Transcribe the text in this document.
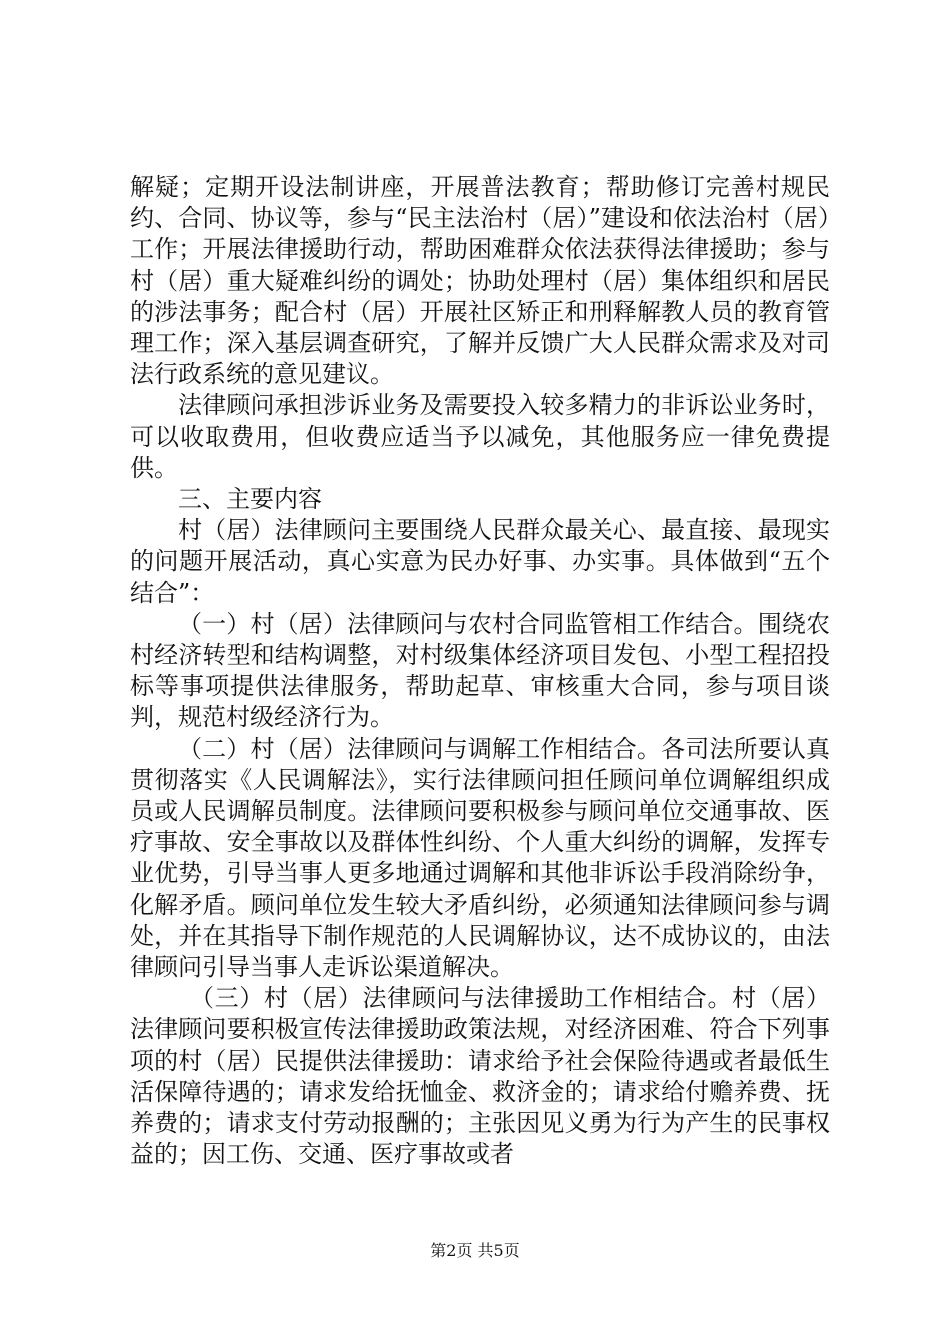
解疑；定期开设法制讲座，开展普法教育；帮助修订完善村规民约、合同、协议等，参与“民主法治村（居）”建设和依法治村（居）工作；开展法律援助行动，帮助困难群众依法获得法律援助；参与村（居）重大疑难纠纷的调处；协助处理村（居）集体组织和居民的涉法事务；配合村（居）开展社区矫正和刑释解教人员的教育管理工作；深入基层调查研究，了解并反馈广大人民群众需求及对司法行政系统的意见建议。

法律顾问承担涉诉业务及需要投入较多精力的非诉讼业务时，可以收取费用，但收费应适当予以减免，其他服务应一律免费提供。

三、主要内容

村（居）法律顾问主要围绕人民群众最关心、最直接、最现实的问题开展活动，真心实意为民办好事、办实事。具体做到“五个结合”：

（一）村（居）法律顾问与农村合同监管相工作结合。围绕农村经济转型和结构调整，对村级集体经济项目发包、小型工程招投标等事项提供法律服务，帮助起草、审核重大合同，参与项目谈判，规范村级经济行为。

（二）村（居）法律顾问与调解工作相结合。各司法所要认真贯彻落实《人民调解法》，实行法律顾问担任顾问单位调解组织成员或人民调解员制度。法律顾问要积极参与顾问单位交通事故、医疗事故、安全事故以及群体性纠纷、个人重大纠纷的调解，发挥专业优势，引导当事人更多地通过调解和其他非诉讼手段消除纷争，化解矛盾。顾问单位发生较大矛盾纠纷，必须通知法律顾问参与调处，并在其指导下制作规范的人民调解协议，达不成协议的，由法律顾问引导当事人走诉讼渠道解决。

（三）村（居）法律顾问与法律援助工作相结合。村（居）法律顾问要积极宣传法律援助政策法规，对经济困难、符合下列事项的村（居）民提供法律援助：请求给予社会保险待遇或者最低生活保障待遇的；请求发给抚恤金、救济金的；请求给付赡养费、抚养费的；请求支付劳动报酬的；主张因见义勇为行为产生的民事权益的；因工伤、交通、医疗事故或者

第2页 共5页
